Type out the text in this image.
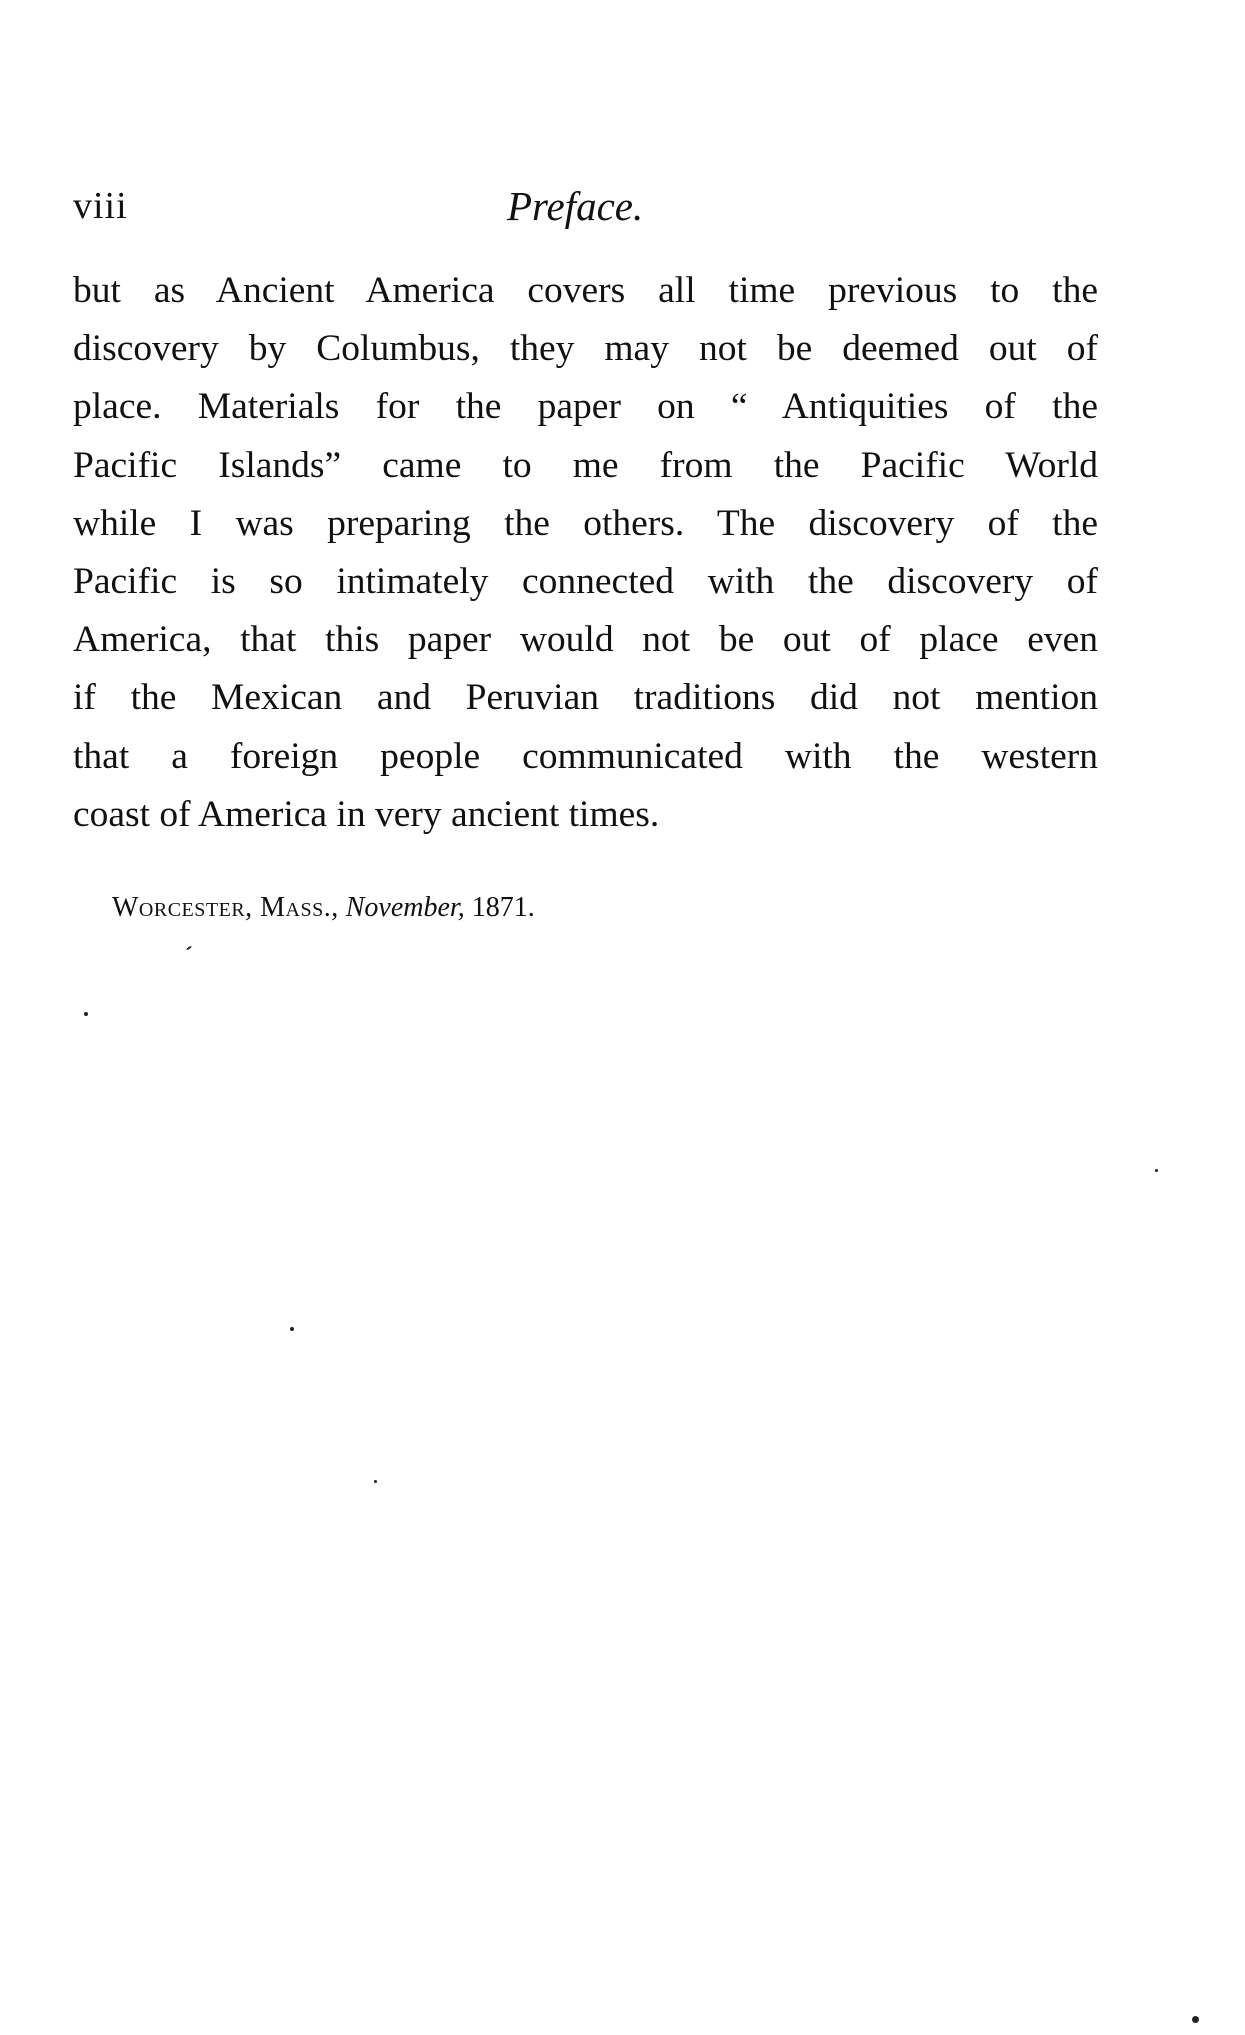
viii	Preface.
but as Ancient America covers all time previous to the
discovery by Columbus, they may not be deemed out of
place. Materials for the paper on “ Antiquities of the
Pacific Islands” came to me from the Pacific World
while I was preparing the others. The discovery of the
Pacific is so intimately connected with the discovery of
America, that this paper would not be out of place even
if the Mexican and Peruvian traditions did not mention
that a foreign people communicated with the western
coast of America in very ancient times.
Worcester, Mass., November, 1871.
